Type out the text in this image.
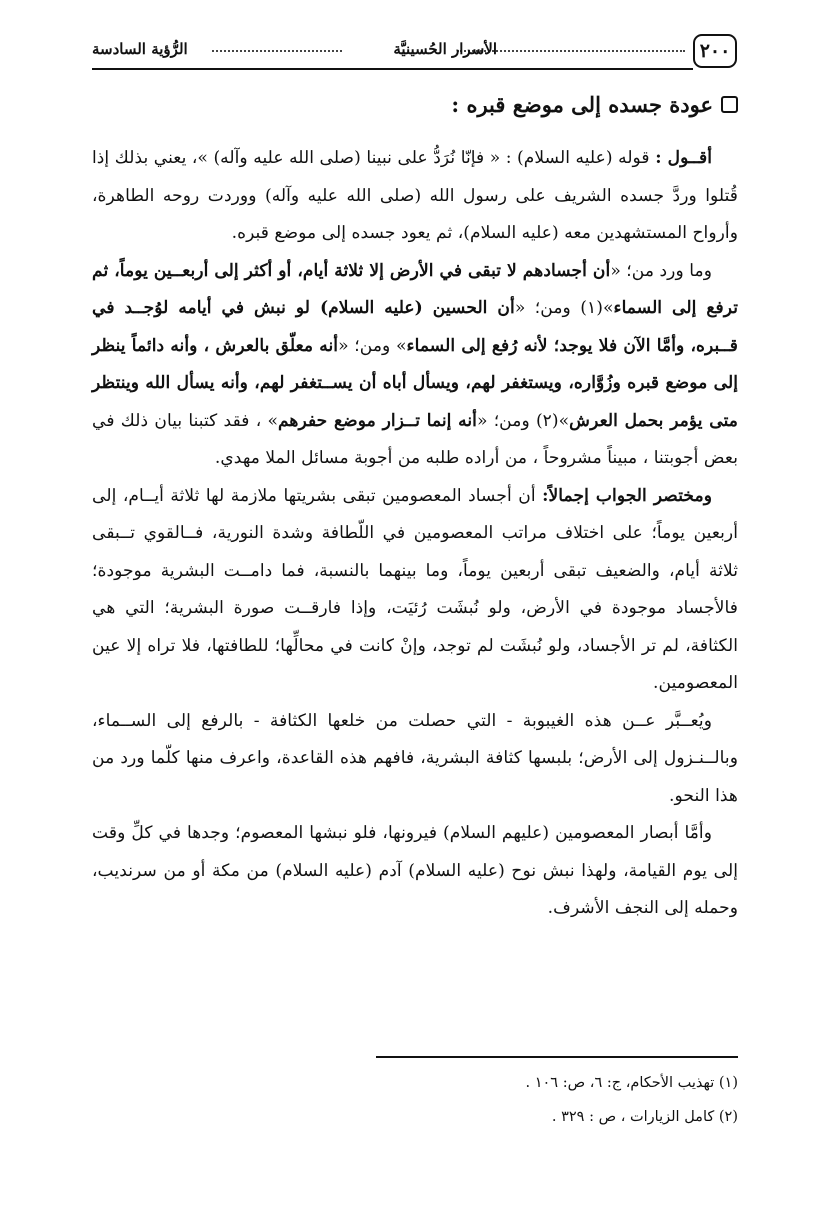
٢٠٠
الأسرار الحُسينيَّة
الرُّؤية السادسة
عودة جسده إلى موضع قبره :

أقــول : قوله (عليه السلام) : « فإنّا نُرَدُّ على نبينا (صلى الله عليه وآله) »، يعني بذلك إذا قُتلوا وردَّ جسده الشريف على رسول الله (صلى الله عليه وآله) ووردت روحه الطاهرة، وأرواح المستشهدين معه (عليه السلام)، ثم يعود جسده إلى موضع قبره.

وما ورد من؛ «أن أجسادهم لا تبقى في الأرض إلا ثلاثة أيام، أو أكثر إلى أربعــين يوماً، ثم ترفع إلى السماء»(١) ومن؛ «أن الحسين (عليه السلام) لو نبش في أيامه لوُجــد في قــبره، وأمَّا الآن فلا يوجد؛ لأنه رُفع إلى السماء» ومن؛ «أنه معلّق بالعرش ، وأنه دائماً ينظر إلى موضع قبره وزُوَّاره، ويستغفر لهم، ويسأل أباه أن يســتغفر لهم، وأنه يسأل الله وينتظر متى يؤمر بحمل العرش»(٢) ومن؛ «أنه إنما تــزار موضع حفرهم» ، فقد كتبنا بيان ذلك في بعض أجوبتنا ، مبيناً مشروحاً ، من أراده طلبه من أجوبة مسائل الملا مهدي.

ومختصر الجواب إجمالاً: أن أجساد المعصومين تبقى بشريتها ملازمة لها ثلاثة أيــام، إلى أربعين يوماً؛ على اختلاف مراتب المعصومين في اللّطافة وشدة النورية، فــالقوي تــبقى ثلاثة أيام، والضعيف تبقى أربعين يوماً، وما بينهما بالنسبة، فما دامــت البشرية موجودة؛ فالأجساد موجودة في الأرض، ولو نُبشَت رُئيَت، وإذا فارقــت صورة البشرية؛ التي هي الكثافة، لم تر الأجساد، ولو نُبشَت لم توجد، وإنْ كانت في محالِّها؛ للطافتها، فلا تراه إلا عين المعصومين.

ويُعــبَّر عــن هذه الغيبوبة - التي حصلت من خلعها الكثافة - بالرفع إلى الســماء، وبالــنـزول إلى الأرض؛ بلبسها كثافة البشرية، فافهم هذه القاعدة، واعرف منها كلّما ورد من هذا النحو.

وأمَّا أبصار المعصومين (عليهم السلام) فيرونها، فلو نبشها المعصوم؛ وجدها في كلِّ وقت إلى يوم القيامة، ولهذا نبش نوح (عليه السلام) آدم (عليه السلام) من مكة أو من سرنديب، وحمله إلى النجف الأشرف.

(١) تهذيب الأحكام، ج: ٦، ص: ١٠٦ .
(٢) كامل الزيارات ، ص : ٣٢٩ .
